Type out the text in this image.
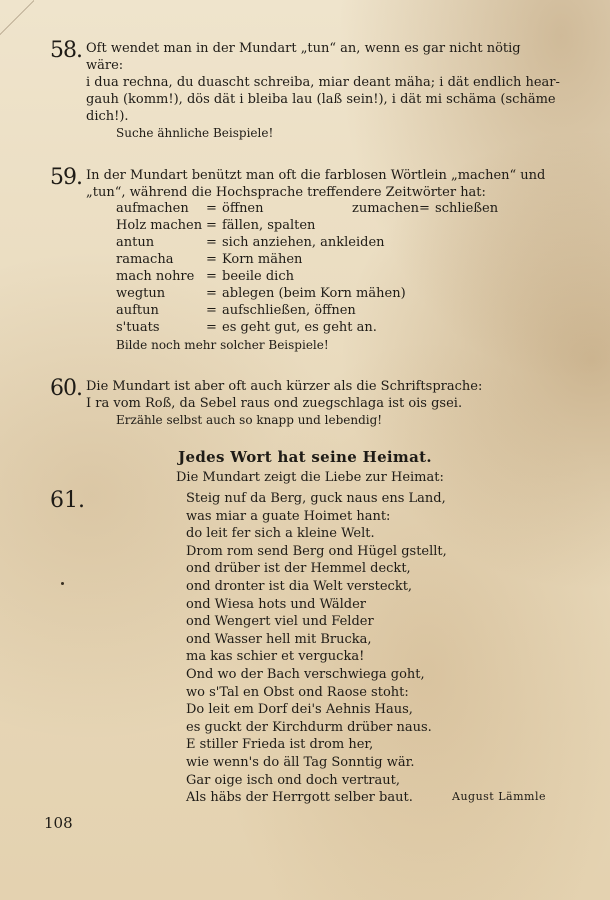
58. Oft wendet man in der Mundart „tun“ an, wenn es gar nicht nötig

wäre:

i dua rechna, du duascht schreiba, miar deant mäha; i dät endlich hear-

gauh (komm!), dös dät i bleiba lau (laß sein!), i dät mi schäma (schäme

dich!).

Suche ähnliche Beispiele!
59. In der Mundart benützt man oft die farblosen Wörtlein „machen“ und

„tun“, während die Hochsprache treffendere Zeitwörter hat:

aufmachen	=	öffnen	zumachen	=	schließen
Holz machen	=	fällen, spalten			
antun	=	sich anziehen, ankleiden			
ramacha	=	Korn mähen			
mach nohre	=	beeile dich			
wegtun	=	ablegen (beim Korn mähen)			
auftun	=	aufschließen, öffnen			
s'tuats	=	es geht gut, es geht an.			
Bilde noch mehr solcher Beispiele!
60. Die Mundart ist aber oft auch kürzer als die Schriftsprache:

I ra vom Roß, da Sebel raus ond zuegschlaga ist ois gsei.

Erzähle selbst auch so knapp und lebendig!
Jedes Wort hat seine Heimat.
Die Mundart zeigt die Liebe zur Heimat:
61.	Steig nuf da Berg, guck naus ens Land,
was miar a guate Hoimet hant:
do leit fer sich a kleine Welt.
Drom rom send Berg ond Hügel gstellt,
ond drüber ist der Hemmel deckt,
ond dronter ist dia Welt versteckt,
ond Wiesa hots und Wälder
ond Wengert viel und Felder
ond Wasser hell mit Brucka,
ma kas schier et vergucka!
Ond wo der Bach verschwiega goht,
wo s'Tal en Obst ond Raose stoht:
Do leit em Dorf dei's Aehnis Haus,
es guckt der Kirchdurm drüber naus.
E stiller Frieda ist drom her,
wie wenn's do äll Tag Sonntig wär.
Gar oige isch ond doch vertraut,
Als häbs der Herrgott selber baut.	August Lämmle
108
